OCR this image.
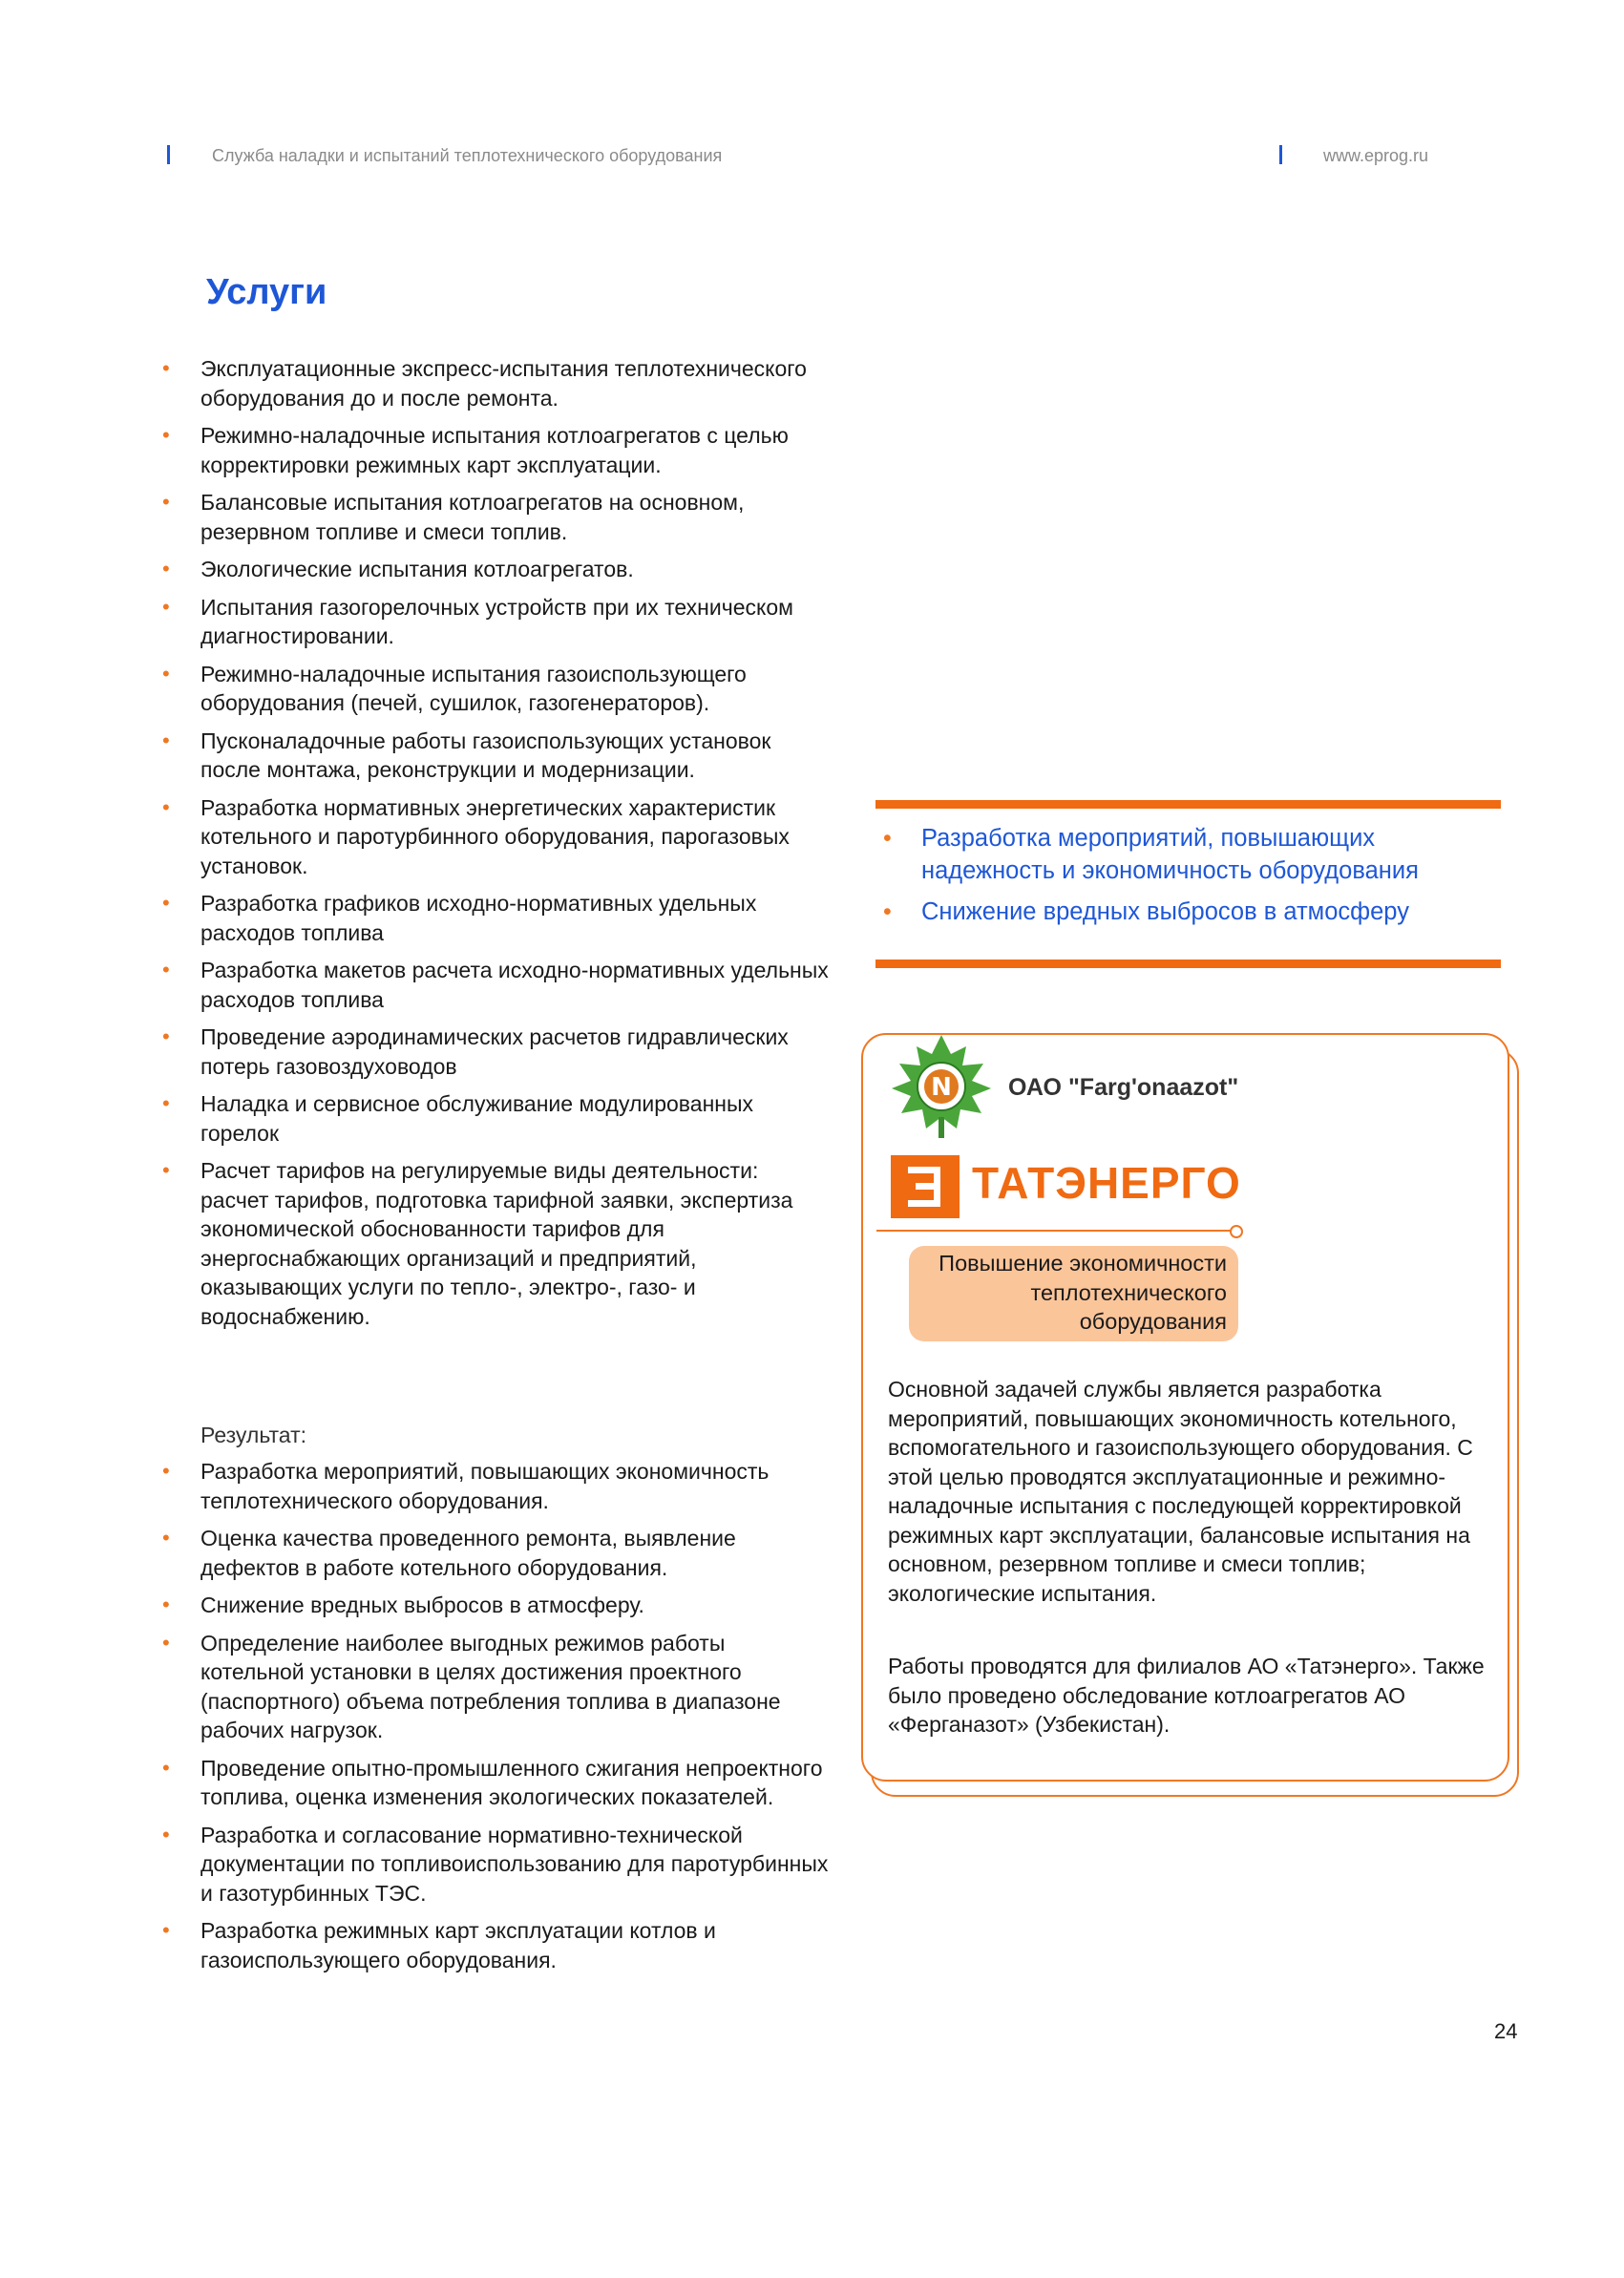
Служба наладки и испытаний теплотехнического оборудования	www.eprog.ru
Услуги
• Эксплуатационные экспресс-испытания теплотехнического оборудования до и после ремонта.
• Режимно-наладочные испытания котлоагрегатов с целью корректировки режимных карт эксплуатации.
• Балансовые испытания котлоагрегатов на основном, резервном топливе и смеси топлив.
• Экологические испытания котлоагрегатов.
• Испытания газогорелочных устройств при их техническом диагностировании.
• Режимно-наладочные испытания газоиспользующего оборудования (печей, сушилок, газогенераторов).
• Пусконаладочные работы газоиспользующих установок после монтажа, реконструкции и модернизации.
• Разработка нормативных энергетических характеристик котельного и паротурбинного оборудования, парогазовых установок.
• Разработка графиков исходно-нормативных удельных расходов топлива
• Разработка макетов расчета исходно-нормативных удельных расходов топлива
• Проведение аэродинамических расчетов гидравлических потерь газовоздуховодов
• Наладка и сервисное обслуживание модулированных горелок
• Расчет тарифов на регулируемые виды деятельности: расчет тарифов, подготовка тарифной заявки, экспертиза экономической обоснованности тарифов для энергоснабжающих организаций и предприятий, оказывающих услуги по тепло-, электро-, газо- и водоснабжению.
Результат:
• Разработка мероприятий, повышающих экономичность теплотехнического оборудования.
• Оценка качества проведенного ремонта, выявление дефектов в работе котельного оборудования.
• Снижение вредных выбросов в атмосферу.
• Определение наиболее выгодных режимов работы котельной установки в целях достижения проектного (паспортного) объема потребления топлива в диапазоне рабочих нагрузок.
• Проведение опытно-промышленного сжигания непроектного топлива, оценка изменения экологических показателей.
• Разработка и согласование нормативно-технической документации по топливоиспользованию для паротурбинных и газотурбинных ТЭС.
• Разработка режимных карт эксплуатации котлов и газоиспользующего оборудования.
• Разработка мероприятий, повышающих надежность и экономичность оборудования
• Снижение вредных выбросов в атмосферу
N ОАО "Farg'onaazot"
ТАТЭНЕРГО
Повышение экономичности теплотехнического оборудования

Основной задачей службы является разработка мероприятий, повышающих экономичность котельного, вспомогательного и газоиспользующего оборудования. С этой целью проводятся эксплуатационные и режимно-наладочные испытания с последующей корректировкой режимных карт эксплуатации, балансовые испытания на основном, резервном топливе и смеси топлив; экологические испытания.

Работы проводятся для филиалов АО «Татэнерго». Также было проведено обследование котлоагрегатов АО «Ферганазот» (Узбекистан).

24
